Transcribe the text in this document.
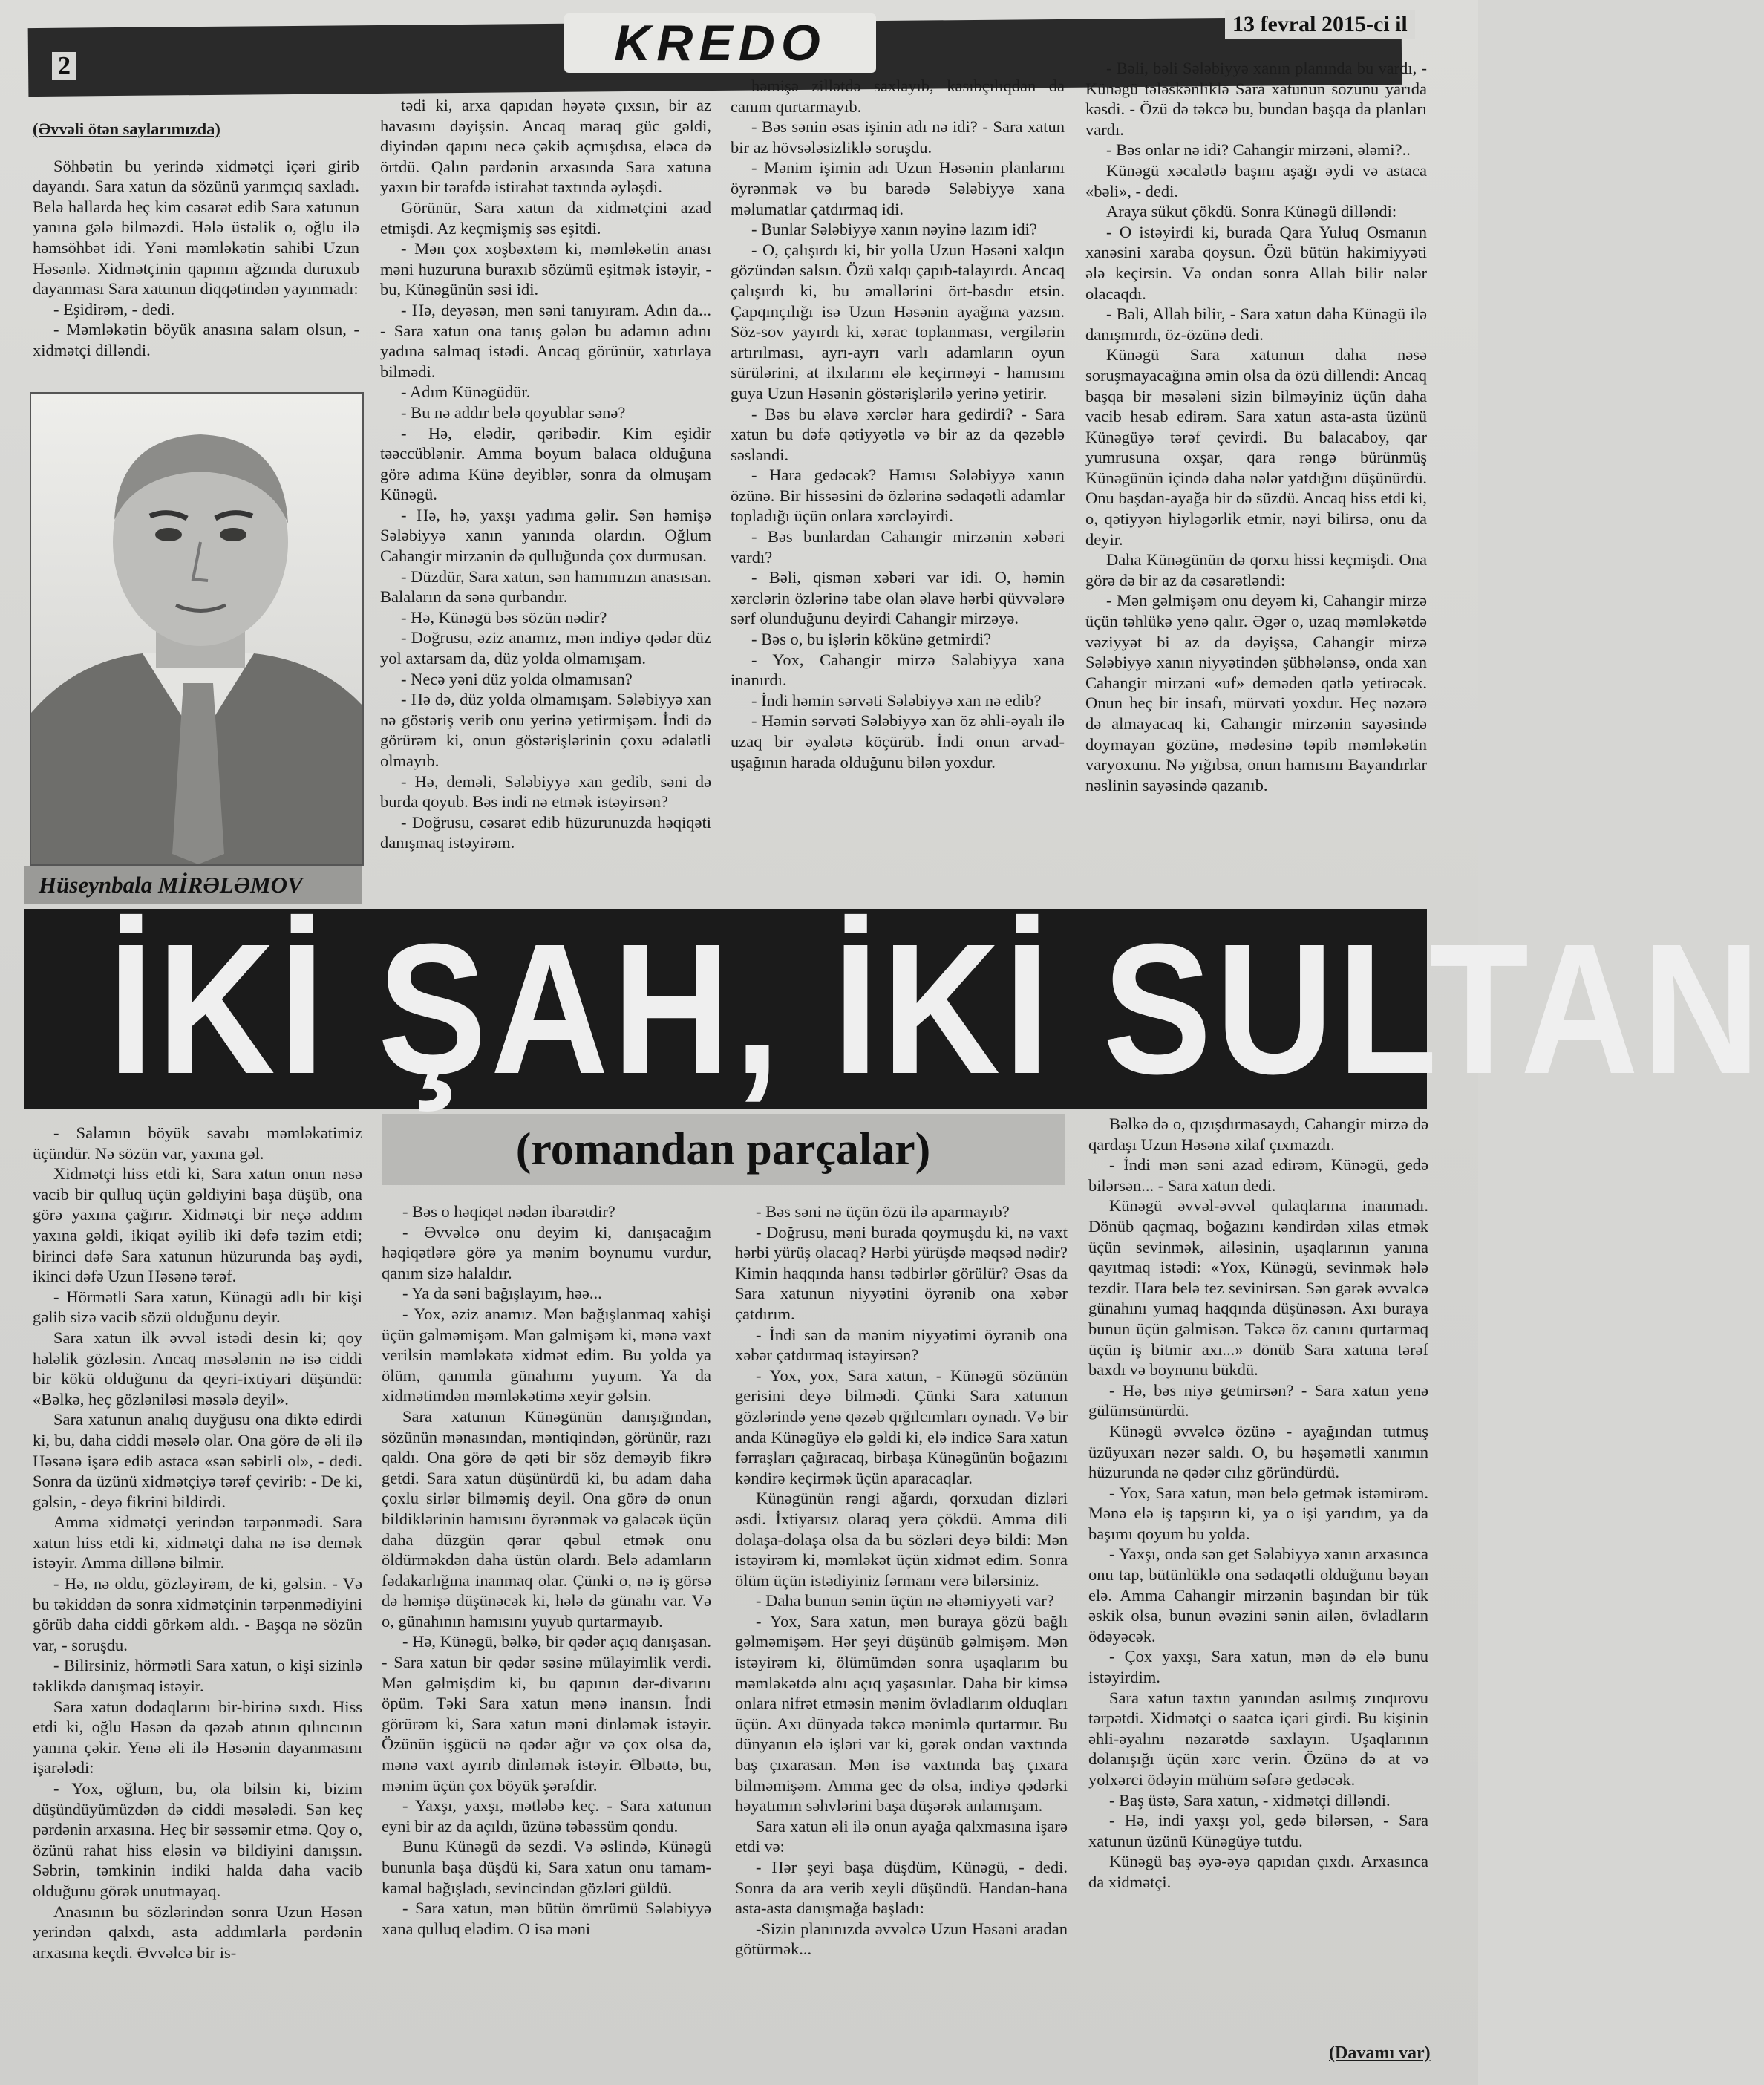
2	KREDO	13 fevral 2015-ci il

(Əvvəli ötən saylarımızda)

Söhbətin bu yerində xidmətçi içəri girib dayandı. Sara xatun da sözünü yarımçıq saxladı. Belə hallarda heç kim cəsarət edib Sara xatunun yanına gələ bilməzdi. Hələ üstəlik o, oğlu ilə həmsöhbət idi. Yəni məmləkətin sahibi Uzun Həsənlə. Xidmətçinin qapının ağzında duruxub dayanması Sara xatunun diqqətindən yayınmadı:

- Eşidirəm, - dedi.

- Məmləkətin böyük anasına salam olsun, - xidmətçi dilləndi.

Hüseynbala MİRƏLƏMOV

tədi ki, arxa qapıdan həyətə çıxsın, bir az havasını dəyişsin. Ancaq maraq güc gəldi, diyindən qapını necə çəkib açmışdısa, eləcə də örtdü. Qalın pərdənin arxasında Sara xatuna yaxın bir tərəfdə istirahət taxtında əyləşdi.

Görünür, Sara xatun da xidmətçini azad etmişdi. Az keçmişmiş səs eşitdi.

- Mən çox xoşbəxtəm ki, məmləkətin anası məni huzuruna buraxıb sözümü eşitmək istəyir, - bu, Künəgünün səsi idi.

- Hə, deyəsən, mən səni tanıyıram. Adın da... - Sara xatun ona tanış gələn bu adamın adını yadına salmaq istədi. Ancaq görünür, xatırlaya bilmədi.

- Adım Künəgüdür.

- Bu nə addır belə qoyublar sənə?

- Hə, elədir, qəribədir. Kim eşidir təəccüblənir. Amma boyum balaca olduğuna görə adıma Künə deyiblər, sonra da olmuşam Künəgü.

- Hə, hə, yaxşı yadıma gəlir. Sən həmişə Sələbiyyə xanın yanında olardın. Oğlum Cahangir mirzənin də qulluğunda çox durmusan.

- Düzdür, Sara xatun, sən hamımızın anasısan. Balaların da sənə qurbandır.

- Hə, Künəgü bəs sözün nədir?

- Doğrusu, əziz anamız, mən indiyə qədər düz yol axtarsam da, düz yolda olmamışam.

- Necə yəni düz yolda olmamısan?

- Hə də, düz yolda olmamışam. Sələbiyyə xan nə göstəriş verib onu yerinə yetirmişəm. İndi də görürəm ki, onun göstərişlərinin çoxu ədalətli olmayıb.

- Hə, deməli, Sələbiyyə xan gedib, səni də burda qoyub. Bəs indi nə etmək istəyirsən?

- Doğrusu, cəsarət edib hüzurunuzda həqiqəti danışmaq istəyirəm.

həmişə zillətdə saxlayıb, kasıbçılıqdan da canım qurtarmayıb.

- Bəs sənin əsas işinin adı nə idi? - Sara xatun bir az hövsələsizliklə soruşdu.

- Mənim işimin adı Uzun Həsənin planlarını öyrənmək və bu barədə Sələbiyyə xana məlumatlar çatdırmaq idi.

- Bunlar Sələbiyyə xanın nəyinə lazım idi?

- O, çalışırdı ki, bir yolla Uzun Həsəni xalqın gözündən salsın. Özü xalqı çapıb-talayırdı. Ancaq çalışırdı ki, bu əməllərini ört-basdır etsin. Çapqınçılığı isə Uzun Həsənin ayağına yazsın. Söz-sov yayırdı ki, xərac toplanması, vergilərin artırılması, ayrı-ayrı varlı adamların oyun sürülərini, at ilxılarını ələ keçirməyi - hamısını guya Uzun Həsənin göstərişlərilə yerinə yetirir.

- Bəs bu əlavə xərclər hara gedirdi? - Sara xatun bu dəfə qətiyyətlə və bir az da qəzəblə səsləndi.

- Hara gedəcək? Hamısı Sələbiyyə xanın özünə. Bir hissəsini də özlərinə sədaqətli adamlar topladığı üçün onlara xərcləyirdi.

- Bəs bunlardan Cahangir mirzənin xəbəri vardı?

- Bəli, qismən xəbəri var idi. O, həmin xərclərin özlərinə tabe olan əlavə hərbi qüvvələrə sərf olunduğunu deyirdi Cahangir mirzəyə.

- Bəs o, bu işlərin kökünə getmirdi?

- Yox, Cahangir mirzə Sələbiyyə xana inanırdı.

- İndi həmin sərvəti Sələbiyyə xan nə edib?

- Həmin sərvəti Sələbiyyə xan öz əhli-əyalı ilə uzaq bir əyalətə köçürüb. İndi onun arvad-uşağının harada olduğunu bilən yoxdur.

- Bəli, bəli Sələbiyyə xanın planında bu vardı, - Künəgü tələskənliklə Sara xatunun sözünü yarıda kəsdi. - Özü də təkcə bu, bundan başqa da planları vardı.

- Bəs onlar nə idi? Cahangir mirzəni, ələmi?..

Künəgü xəcalətlə başını aşağı əydi və astaca «bəli», - dedi.

Araya sükut çökdü. Sonra Künəgü dilləndi:

- O istəyirdi ki, burada Qara Yuluq Osmanın xanəsini xaraba qoysun. Özü bütün hakimiyyəti ələ keçirsin. Və ondan sonra Allah bilir nələr olacaqdı.

- Bəli, Allah bilir, - Sara xatun daha Künəgü ilə danışmırdı, öz-özünə dedi.

Künəgü Sara xatunun daha nəsə soruşmayacağına əmin olsa da özü dillendi: Ancaq başqa bir məsələni sizin bilməyiniz üçün daha vacib hesab edirəm. Sara xatun asta-asta üzünü Künəgüyə tərəf çevirdi. Bu balacaboy, qar yumrusuna oxşar, qara rəngə bürünmüş Künəgünün içində daha nələr yatdığını düşünürdü. Onu başdan-ayağa bir də süzdü. Ancaq hiss etdi ki, o, qətiyyən hiyləgərlik etmir, nəyi bilirsə, onu da deyir.

Daha Künəgünün də qorxu hissi keçmişdi. Ona görə də bir az da cəsarətləndi:

- Mən gəlmişəm onu deyəm ki, Cahangir mirzə üçün təhlükə yenə qalır. Əgər o, uzaq məmləkətdə vəziyyət bi az da dəyişsə, Cahangir mirzə Sələbiyyə xanın niyyətindən şübhələnsə, onda xan Cahangir mirzəni «uf» deməden qətlə yetirəcək. Onun heç bir insafı, mürvəti yoxdur. Heç nəzərə də almayacaq ki, Cahangir mirzənin sayəsində doymayan gözünə, mədəsinə təpib məmləkətin varyoxunu. Nə yığıbsa, onun hamısını Bayandırlar nəslinin sayəsində qazanıb.

İKİ ŞAH, İKİ SULTAN
(romandan parçalar)

- Salamın böyük savabı məmləkətimiz üçündür. Nə sözün var, yaxına gəl.

Xidmətçi hiss etdi ki, Sara xatun onun nəsə vacib bir qulluq üçün gəldiyini başa düşüb, ona görə yaxına çağırır. Xidmətçi bir neçə addım yaxına gəldi, ikiqat əyilib iki dəfə təzim etdi; birinci dəfə Sara xatunun hüzurunda baş əydi, ikinci dəfə Uzun Həsənə tərəf.

- Hörmətli Sara xatun, Künəgü adlı bir kişi gəlib sizə vacib sözü olduğunu deyir.

Sara xatun ilk əvvəl istədi desin ki; qoy hələlik gözləsin. Ancaq məsələnin nə isə ciddi bir kökü olduğunu da qeyri-ixtiyari düşündü: «Bəlkə, heç gözləniləsi məsələ deyil».

Sara xatunun analıq duyğusu ona diktə edirdi ki, bu, daha ciddi məsələ olar. Ona görə də əli ilə Həsənə işarə edib astaca «sən səbirli ol», - dedi. Sonra da üzünü xidmətçiyə tərəf çevirib: - De ki, gəlsin, - deyə fikrini bildirdi.

Amma xidmətçi yerindən tərpənmədi. Sara xatun hiss etdi ki, xidmətçi daha nə isə demək istəyir. Amma dillənə bilmir.

- Hə, nə oldu, gözləyirəm, de ki, gəlsin. - Və bu təkiddən də sonra xidmətçinin tərpənmədiyini görüb daha ciddi görkəm aldı. - Başqa nə sözün var, - soruşdu.

- Bilirsiniz, hörmətli Sara xatun, o kişi sizinlə təklikdə danışmaq istəyir.

Sara xatun dodaqlarını bir-birinə sıxdı. Hiss etdi ki, oğlu Həsən də qəzəb atının qılıncının yanına çəkir. Yenə əli ilə Həsənin dayanmasını işarələdi:

- Yox, oğlum, bu, ola bilsin ki, bizim düşündüyümüzdən də ciddi məsələdi. Sən keç pərdənin arxasına. Heç bir səssəmir etmə. Qoy o, özünü rahat hiss eləsin və bildiyini danışsın. Səbrin, təmkinin indiki halda daha vacib olduğunu görək unutmayaq.

Anasının bu sözlərindən sonra Uzun Həsən yerindən qalxdı, asta addımlarla pərdənin arxasına keçdi. Əvvəlcə bir is-

- Bəs o həqiqət nədən ibarətdir?

- Əvvəlcə onu deyim ki, danışacağım həqiqətlərə görə ya mənim boynumu vurdur, qanım sizə halaldır.

- Ya da səni bağışlayım, həə...

- Yox, əziz anamız. Mən bağışlanmaq xahişi üçün gəlməmişəm. Mən gəlmişəm ki, mənə vaxt verilsin məmləkətə xidmət edim. Bu yolda ya ölüm, qanımla günahımı yuyum. Ya da xidmətimdən məmləkətimə xeyir gəlsin.

Sara xatunun Künəgünün danışığından, sözünün mənasından, məntiqindən, görünür, razı qaldı. Ona görə də qəti bir söz deməyib fikrə getdi. Sara xatun düşünürdü ki, bu adam daha çoxlu sirlər bilməmiş deyil. Ona görə də onun bildiklərinin hamısını öyrənmək və gələcək üçün daha düzgün qərar qəbul etmək onu öldürməkdən daha üstün olardı. Belə adamların fədakarlığına inanmaq olar. Çünki o, nə iş görsə də həmişə düşünəcək ki, hələ də günahı var. Və o, günahının hamısını yuyub qurtarmayıb.

- Hə, Künəgü, bəlkə, bir qədər açıq danışasan. - Sara xatun bir qədər səsinə mülayimlik verdi. Mən gəlmişdim ki, bu qapının dər-divarını öpüm. Təki Sara xatun mənə inansın. İndi görürəm ki, Sara xatun məni dinləmək istəyir. Özünün işgücü nə qədər ağır və çox olsa da, mənə vaxt ayırıb dinləmək istəyir. Əlbəttə, bu, mənim üçün çox böyük şərəfdir.

- Yaxşı, yaxşı, mətləbə keç. - Sara xatunun eyni bir az da açıldı, üzünə təbəssüm qondu.

Bunu Künəgü də sezdi. Və əslində, Künəgü bununla başa düşdü ki, Sara xatun onu tamam-kamal bağışladı, sevincindən gözləri güldü.

- Sara xatun, mən bütün ömrümü Sələbiyyə xana qulluq elədim. O isə məni

- Bəs səni nə üçün özü ilə aparmayıb?

- Doğrusu, məni burada qoymuşdu ki, nə vaxt hərbi yürüş olacaq? Hərbi yürüşdə məqsəd nədir? Kimin haqqında hansı tədbirlər görülür? Əsas da Sara xatunun niyyətini öyrənib ona xəbər çatdırım.

- İndi sən də mənim niyyətimi öyrənib ona xəbər çatdırmaq istəyirsən?

- Yox, yox, Sara xatun, - Künəgü sözünün gerisini deyə bilmədi. Çünki Sara xatunun gözlərində yenə qəzəb qığılcımları oynadı. Və bir anda Künəgüyə elə gəldi ki, elə indicə Sara xatun fərraşları çağıracaq, birbaşa Künəgünün boğazını kəndirə keçirmək üçün aparacaqlar.

Künəgünün rəngi ağardı, qorxudan dizləri əsdi. İxtiyarsız olaraq yerə çökdü. Amma dili dolaşa-dolaşa olsa da bu sözləri deyə bildi: Mən istəyirəm ki, məmləkət üçün xidmət edim. Sonra ölüm üçün istədiyiniz fərmanı verə bilərsiniz.

- Daha bunun sənin üçün nə əhəmiyyəti var?

- Yox, Sara xatun, mən buraya gözü bağlı gəlməmişəm. Hər şeyi düşünüb gəlmişəm. Mən istəyirəm ki, ölümümdən sonra uşaqlarım bu məmləkətdə alnı açıq yaşasınlar. Daha bir kimsə onlara nifrət etməsin mənim övladlarım olduqları üçün. Axı dünyada təkcə mənimlə qurtarmır. Bu dünyanın elə işləri var ki, gərək ondan vaxtında baş çıxarasan. Mən isə vaxtında baş çıxara bilməmişəm. Amma gec də olsa, indiyə qədərki həyatımın səhvlərini başa düşərək anlamışam.

Sara xatun əli ilə onun ayağa qalxmasına işarə etdi və:

- Hər şeyi başa düşdüm, Künəgü, - dedi. Sonra da ara verib xeyli düşündü. Handan-hana asta-asta danışmağa başladı:

-Sizin planınızda əvvəlcə Uzun Həsəni aradan götürmək...

Bəlkə də o, qızışdırmasaydı, Cahangir mirzə də qardaşı Uzun Həsənə xilaf çıxmazdı.

- İndi mən səni azad edirəm, Künəgü, gedə bilərsən... - Sara xatun dedi.

Künəgü əvvəl-əvvəl qulaqlarına inanmadı. Dönüb qaçmaq, boğazını kəndirdən xilas etmək üçün sevinmək, ailəsinin, uşaqlarının yanına qayıtmaq istədi: «Yox, Künəgü, sevinmək hələ tezdir. Hara belə tez sevinirsən. Sən gərək əvvəlcə günahını yumaq haqqında düşünəsən. Axı buraya bunun üçün gəlmisən. Təkcə öz canını qurtarmaq üçün iş bitmir axı...» dönüb Sara xatuna tərəf baxdı və boynunu bükdü.

- Hə, bəs niyə getmirsən? - Sara xatun yenə gülümsünürdü.

Künəgü əvvəlcə özünə - ayağından tutmuş üzüyuxarı nəzər saldı. O, bu həşəmətli xanımın hüzurunda nə qədər cılız göründürdü.

- Yox, Sara xatun, mən belə getmək istəmirəm. Mənə elə iş tapşırın ki, ya o işi yarıdım, ya da başımı qoyum bu yolda.

- Yaxşı, onda sən get Sələbiyyə xanın arxasınca onu tap, bütünlüklə ona sədaqətli olduğunu bəyan elə. Amma Cahangir mirzənin başından bir tük əskik olsa, bunun əvəzini sənin ailən, övladların ödəyəcək.

- Çox yaxşı, Sara xatun, mən də elə bunu istəyirdim.

Sara xatun taxtın yanından asılmış zınqırovu tərpətdi. Xidmətçi o saatca içəri girdi. Bu kişinin əhli-əyalını nəzarətdə saxlayın. Uşaqlarının dolanışığı üçün xərc verin. Özünə də at və yolxərci ödəyin mühüm səfərə gedəcək.

- Baş üstə, Sara xatun, - xidmətçi dilləndi.

- Hə, indi yaxşı yol, gedə bilərsən, - Sara xatunun üzünü Künəgüyə tutdu.

Künəgü baş əyə-əyə qapıdan çıxdı. Arxasınca da xidmətçi.

(Davamı var)
